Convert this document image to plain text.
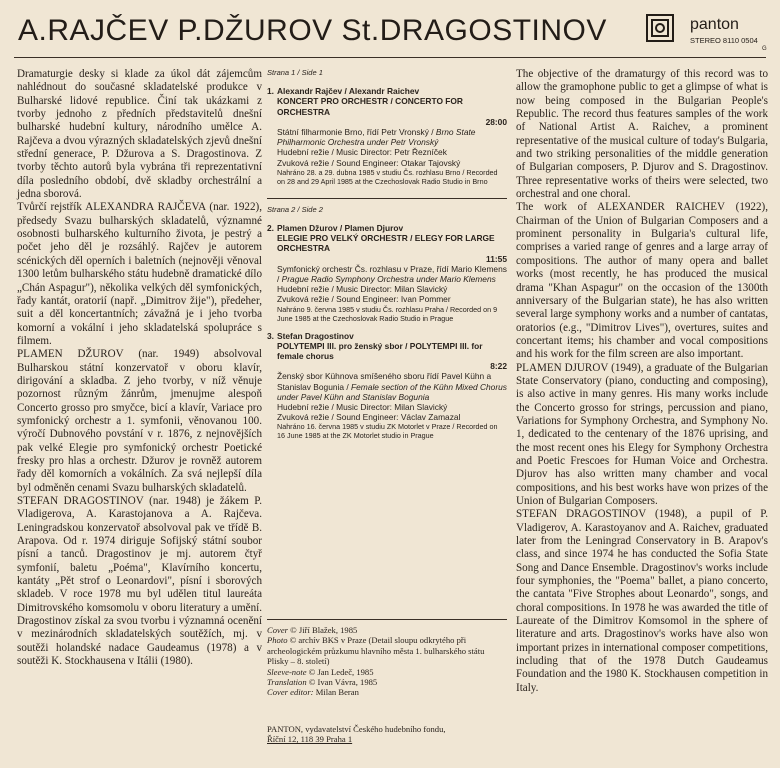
A.RAJČEV P.DŽUROV St.DRAGOSTINOV	panton
STEREO 8110 0504
G

Dramaturgie desky si klade za úkol dát zájemcům nahlédnout do současné skladatelské produkce v Bulharské lidové republice. Činí tak ukázkami z tvorby jednoho z předních představitelů dnešní bulharské hudební kultury, národního umělce A. Rajčeva a dvou výrazných skladatelských zjevů dnešní střední generace, P. Džurova a S. Dragostinova. Z tvorby těchto autorů byla vybrána tři reprezentativní díla posledního období, dvě skladby orchestrální a jedna sborová.

Tvůrčí rejstřík ALEXANDRA RAJČEVA (nar. 1922), předsedy Svazu bulharských skladatelů, významné osobnosti bulharského kulturního života, je pestrý a počet jeho děl je rozsáhlý. Rajčev je autorem scénických děl operních i baletních (nejnověji věnoval 1300 letům bulharského státu hudebně dramatické dílo „Chán Aspagur"), několika velkých děl symfonických, řady kantát, oratorií (např. „Dimitrov žije"), předeher, suit a děl koncertantních; závažná je i jeho tvorba komorní a vokální i jeho skladatelská spolupráce s filmem.

PLAMEN DŽUROV (nar. 1949) absolvoval Bulharskou státní konzervatoř v oboru klavír, dirigování a skladba. Z jeho tvorby, v níž věnuje pozornost různým žánrům, jmenujme alespoň Concerto grosso pro smyčce, bicí a klavír, Variace pro symfonický orchestr a 1. symfonii, věnovanou 100. výročí Dubnového povstání v r. 1876, z nejnovějších pak velké Elegie pro symfonický orchestr Poetické fresky pro hlas a orchestr. Džurov je rovněž autorem řady děl komorních a vokálních. Za svá nejlepší díla byl odměněn cenami Svazu bulharských skladatelů.

STEFAN DRAGOSTINOV (nar. 1948) je žákem P. Vladigerova, A. Karastojanova a A. Rajčeva. Leningradskou konzervatoř absolvoval pak ve třídě B. Arapova. Od r. 1974 diriguje Sofijský státní soubor písní a tanců. Dragostinov je mj. autorem čtyř symfonií, baletu „Poéma", Klavírního koncertu, kantáty „Pět strof o Leonardovi", písní i sborových skladeb. V roce 1978 mu byl udělen titul laureáta Dimitrovského komsomolu v oboru literatury a umění. Dragostinov získal za svou tvorbu i významná ocenění v mezinárodních skladatelských soutěžích, mj. v soutěži holandské nadace Gaudeamus (1978) a v soutěži K. Stockhausena v Itálii (1980).

Strana 1 / Side 1
1. Alexandr Rajčev / Alexandr Raichev
KONCERT PRO ORCHESTR / CONCERTO FOR ORCHESTRA
28:00
Státní filharmonie Brno, řídí Petr Vronský / Brno State Philharmonic Orchestra under Petr Vronský
Hudební režie / Music Director: Petr Řezníček
Zvuková režie / Sound Engineer: Otakar Tajovský
Nahráno 28. a 29. dubna 1985 v studiu Čs. rozhlasu Brno / Recorded on 28 and 29 April 1985 at the Czechoslovak Radio Studio in Brno
Strana 2 / Side 2
2. Plamen Džurov / Plamen Djurov
ELEGIE PRO VELKÝ ORCHESTR / ELEGY FOR LARGE ORCHESTRA
11:55
Symfonický orchestr Čs. rozhlasu v Praze, řídí Mario Klemens / Prague Radio Symphony Orchestra under Mario Klemens
Hudební režie / Music Director: Milan Slavický
Zvuková režie / Sound Engineer: Ivan Pommer
Nahráno 9. června 1985 v studiu Čs. rozhlasu Praha / Recorded on 9 June 1985 at the Czechoslovak Radio Studio in Prague
3. Stefan Dragostinov
POLYTEMPI III. pro ženský sbor / POLYTEMPI III. for female chorus
8:22
Ženský sbor Kühnova smíšeného sboru řídí Pavel Kühn a Stanislav Bogunia / Female section of the Kühn Mixed Chorus under Pavel Kühn and Stanislav Bogunia
Hudební režie / Music Director: Milan Slavický
Zvuková režie / Sound Engineer: Václav Zamazal
Nahráno 16. června 1985 v studiu ZK Motorlet v Praze / Recorded on 16 June 1985 at the ZK Motorlet studio in Prague
Cover © Jiří Blažek, 1985
Photo © archív BKS v Praze (Detail sloupu odkrytého při archeologickém průzkumu hlavního města 1. bulharského státu Plisky – 8. století)
Sleeve-note © Jan Ledeč, 1985
Translation © Ivan Vávra, 1985
Cover editor: Milan Beran
PANTON, vydavatelství Českého hudebního fondu,
Říční 12, 118 39 Praha 1

The objective of the dramaturgy of this record was to allow the gramophone public to get a glimpse of what is now being composed in the Bulgarian People's Republic. The record thus features samples of the work of National Artist A. Raichev, a prominent representative of the musical culture of today's Bulgaria, and two striking personalities of the middle generation of Bulgarian composers, P. Djurov and S. Dragostinov. Three representative works of theirs were selected, two orchestral and one choral.

The work of ALEXANDER RAICHEV (1922), Chairman of the Union of Bulgarian Composers and a prominent personality in Bulgaria's cultural life, comprises a varied range of genres and a large array of compositions. The author of many opera and ballet works (most recently, he has produced the musical drama "Khan Aspagur" on the occasion of the 1300th anniversary of the Bulgarian state), he has also written several large symphony works and a number of cantatas, oratorios (e.g., "Dimitrov Lives"), overtures, suites and concertant items; his chamber and vocal compositions and his work for the film screen are also important.

PLAMEN DJUROV (1949), a graduate of the Bulgarian State Conservatory (piano, conducting and composing), is also active in many genres. His many works include the Concerto grosso for strings, percussion and piano, Variations for Symphony Orchestra, and Symphony No. 1, dedicated to the centenary of the 1876 uprising, and the most recent ones his Elegy for Symphony Orchestra and Poetic Frescoes for Human Voice and Orchestra. Djurov has also written many chamber and vocal compositions, and his best works have won prizes of the Union of Bulgarian Composers.

STEFAN DRAGOSTINOV (1948), a pupil of P. Vladigerov, A. Karastoyanov and A. Raichev, graduated later from the Leningrad Conservatory in B. Arapov's class, and since 1974 he has conducted the Sofia State Song and Dance Ensemble. Dragostinov's works include four symphonies, the "Poema" ballet, a piano concerto, the cantata "Five Strophes about Leonardo", songs, and choral compositions. In 1978 he was awarded the title of Laureate of the Dimitrov Komsomol in the sphere of literature and arts. Dragostinov's works have also won important prizes in international composer competitions, including that of the 1978 Dutch Gaudeamus Foundation and the 1980 K. Stockhausen competition in Italy.
